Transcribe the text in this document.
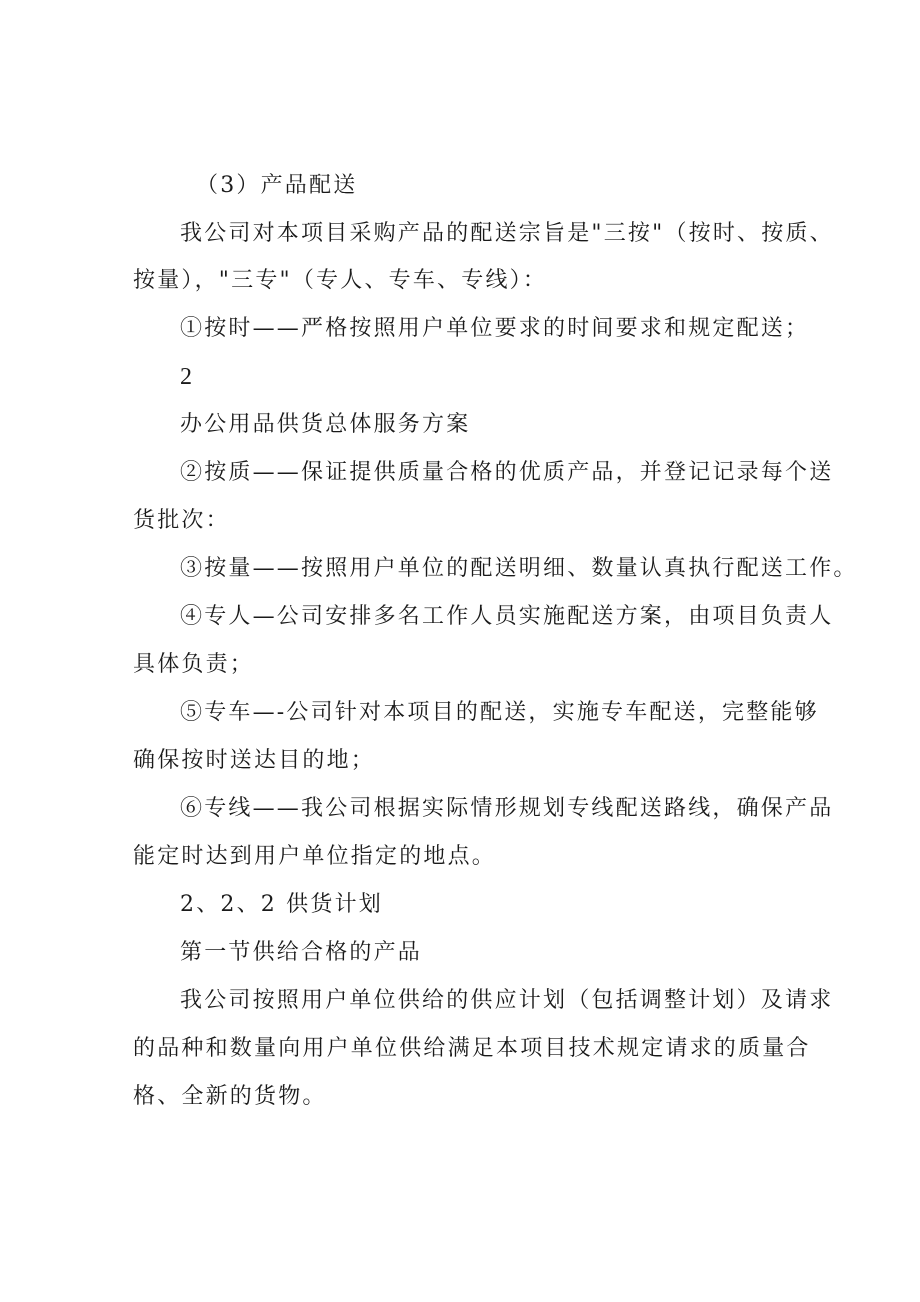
（3）产品配送
我公司对本项目采购产品的配送宗旨是"三按"（按时、按质、
按量），"三专"（专人、专车、专线）：
①按时——严格按照用户单位要求的时间要求和规定配送；
2
办公用品供货总体服务方案
②按质——保证提供质量合格的优质产品，并登记记录每个送
货批次：
③按量——按照用户单位的配送明细、数量认真执行配送工作。
④专人—公司安排多名工作人员实施配送方案，由项目负责人
具体负责；
⑤专车—-公司针对本项目的配送，实施专车配送，完整能够
确保按时送达目的地；
⑥专线——我公司根据实际情形规划专线配送路线，确保产品
能定时达到用户单位指定的地点。
2、2、2 供货计划
第一节供给合格的产品
我公司按照用户单位供给的供应计划（包括调整计划）及请求
的品种和数量向用户单位供给满足本项目技术规定请求的质量合
格、全新的货物。
